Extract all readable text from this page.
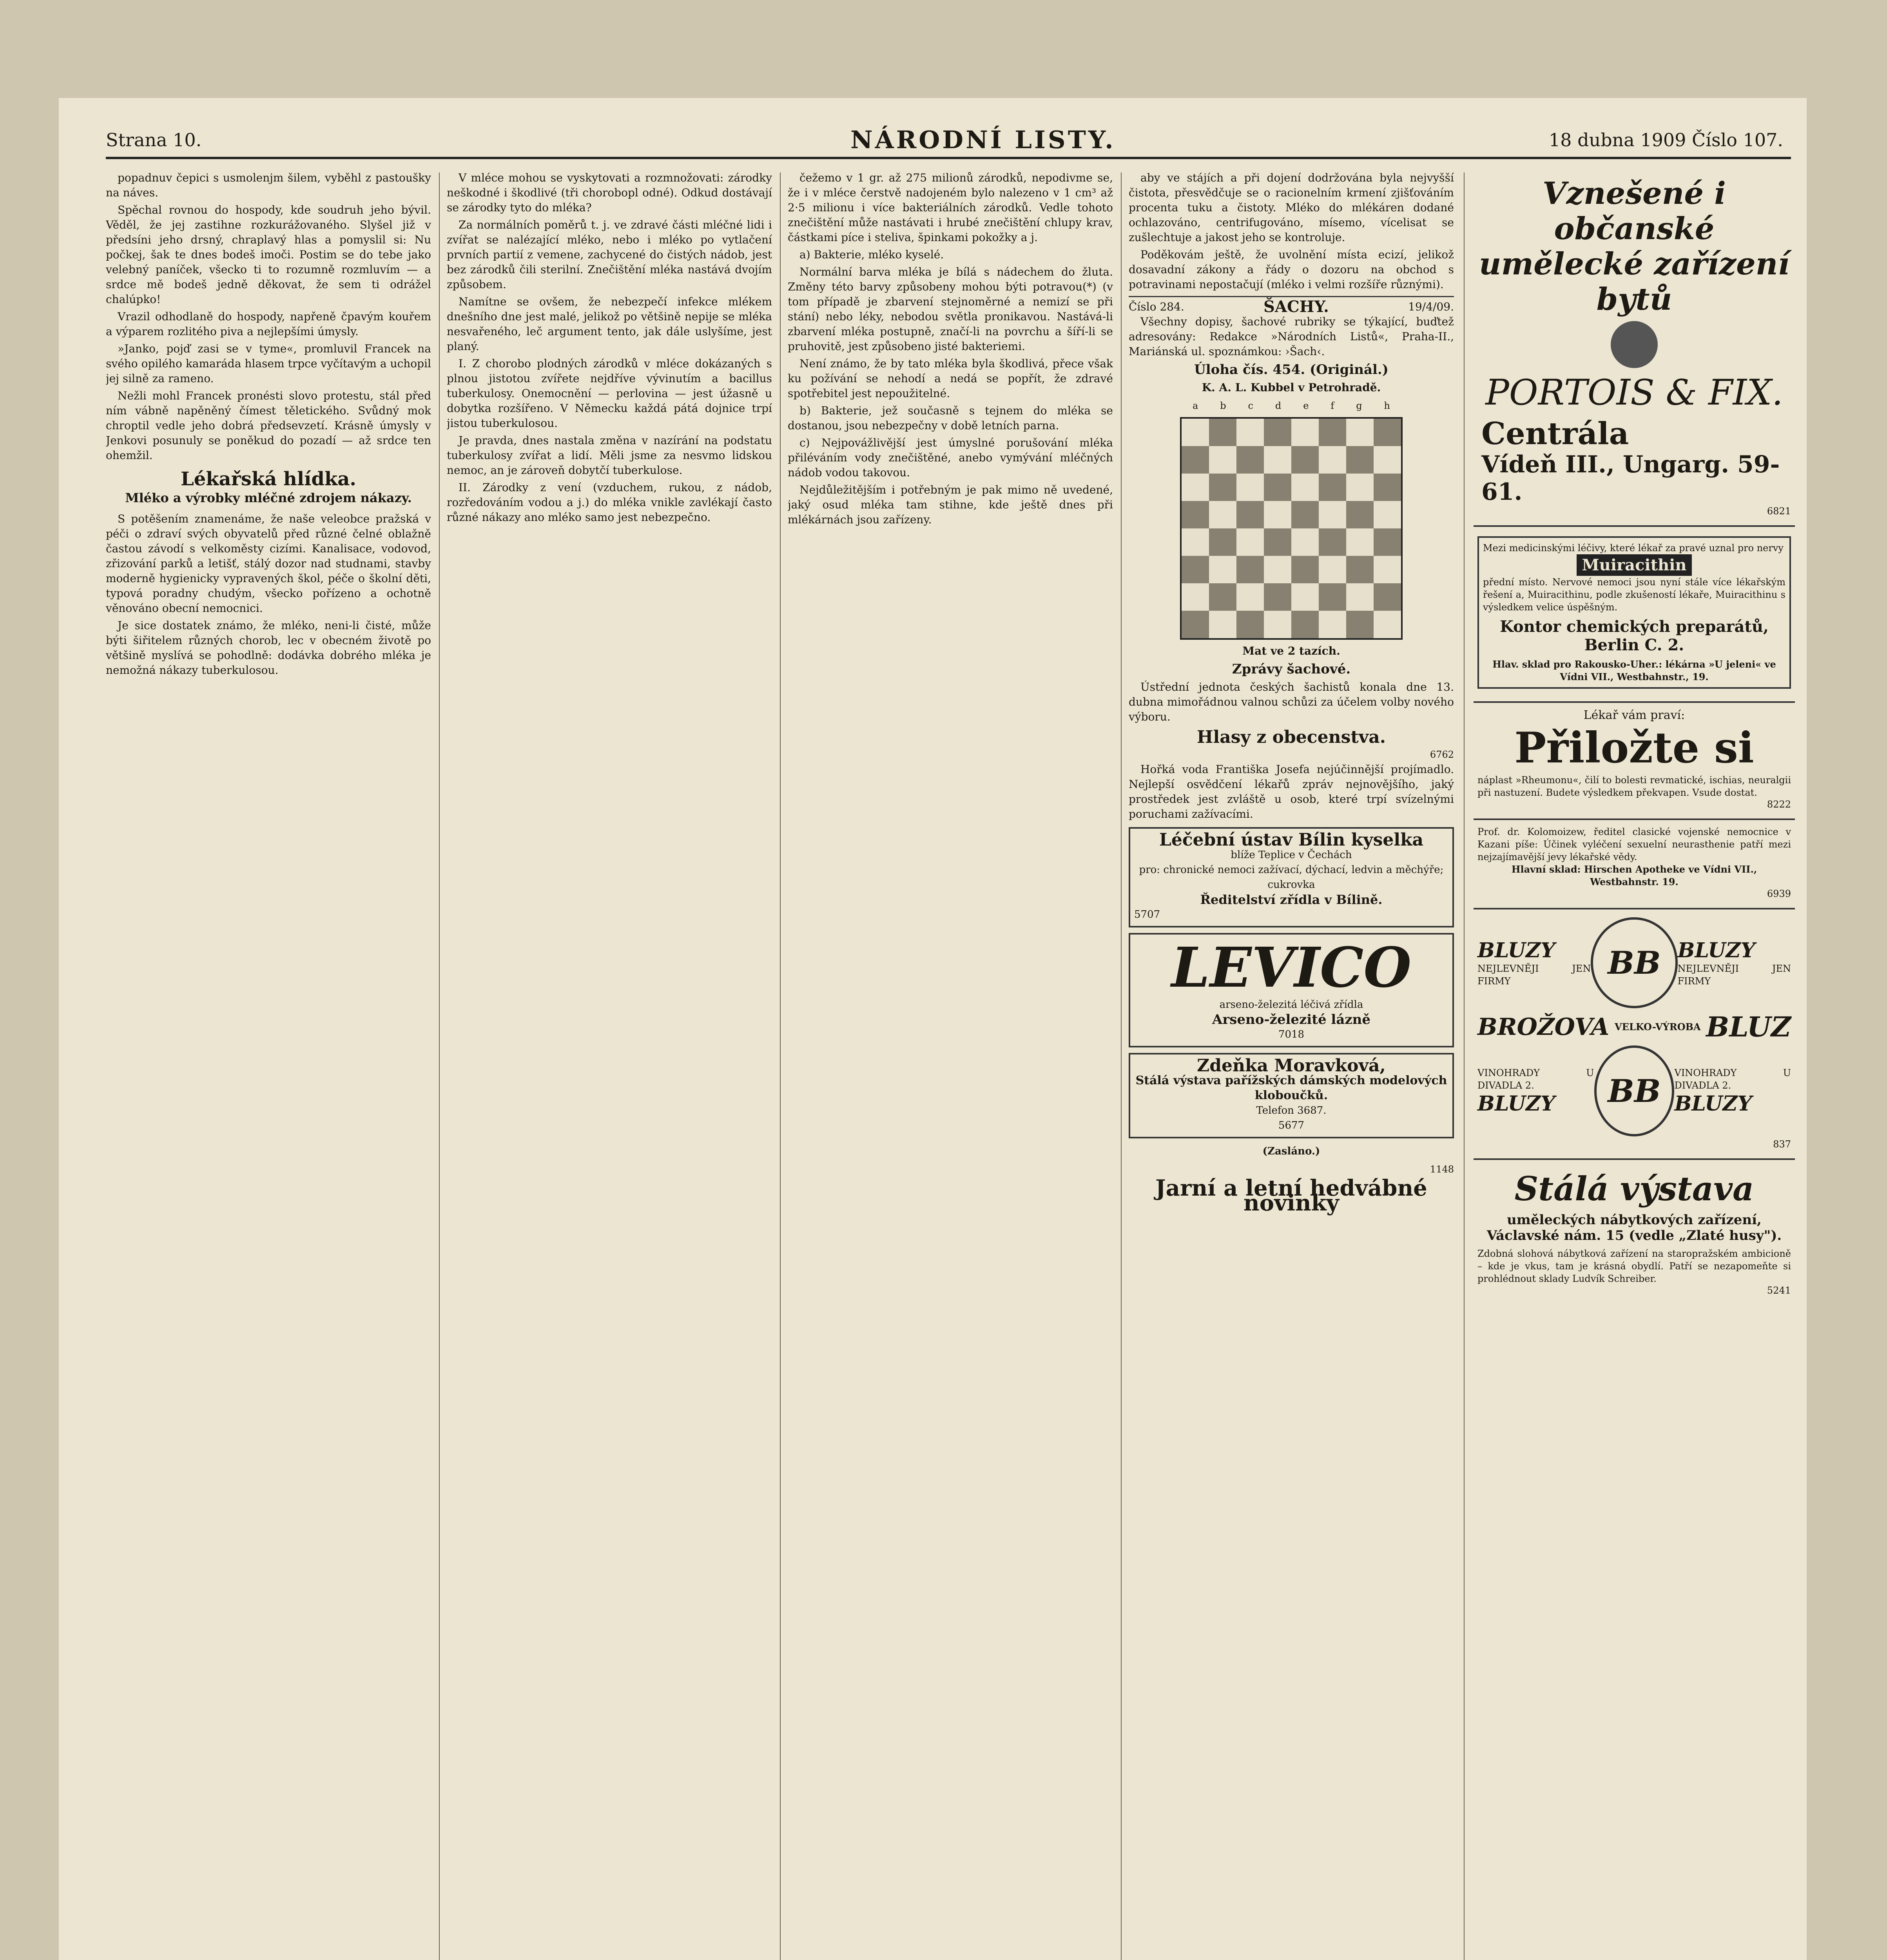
Strana 10.	NÁRODNÍ LISTY.	18 dubna 1909 Číslo 107.

popadnuv čepici s usmolenjm šilem, vyběhl z pastoušky na náves.

Spěchal rovnou do hospody, kde soudruh jeho bývil. Věděl, že jej zastihne rozkurážovaného. Slyšel již v předsíni jeho drsný, chraplavý hlas a pomyslil si: Nu počkej, šak te dnes bodeš imoči. Postim se do tebe jako velebný paníček, všecko ti to rozumně rozmluvím — a srdce mě bodeš jedně děkovat, že sem ti odrážel chalúpko!

Vrazil odhodlaně do hospody, napřeně čpavým kouřem a výparem rozlitého piva a nejlepšími úmysly.

»Janko, pojď zasi se v tyme«, promluvil Francek na svého opilého kamaráda hlasem trpce vyčítavým a uchopil jej silně za rameno.

Nežli mohl Francek pronésti slovo protestu, stál před ním vábně napěněný čímest těletického. Svůdný mok chroptil vedle jeho dobrá předsevzetí. Krásně úmysly v Jenkovi posunuly se poněkud do pozadí — až srdce ten ohemžil.

Lékařská hlídka.
Mléko a výrobky mléčné zdrojem nákazy.

S potěšením znamenáme, že naše veleobce pražská v péči o zdraví svých obyvatelů před různé čelné oblažně častou závodí s velkoměsty cizími. Kanalisace, vodovod, zřizování parků a letišť, stálý dozor nad studnami, stavby moderně hygienicky vypravených škol, péče o školní děti, typová poradny chudým, všecko pořízeno a ochotně věnováno obecní nemocnici.

Je sice dostatek známo, že mléko, neni-li čisté, může býti šiřitelem různých chorob, lec v obecném životě po většině myslívá se pohodlně: dodávka dobrého mléka je nemožná nákazy tuberkulosou.

V mléce mohou se vyskytovati a rozmnožovati: zárodky neškodné i škodlivé (tři chorobopl odné). Odkud dostávají se zárodky tyto do mléka?

Za normálních poměrů t. j. ve zdravé části mléčné lidi i zvířat se nalézající mléko, nebo i mléko po vytlačení prvních partií z vemene, zachycené do čistých nádob, jest bez zárodků čili sterilní. Znečištění mléka nastává dvojím způsobem.

Namítne se ovšem, že nebezpečí infekce mlékem dnešního dne jest malé, jelikož po většině nepije se mléka nesvařeného, leč argument tento, jak dále uslyšíme, jest planý.

I. Z chorobo plodných zárodků v mléce dokázaných s plnou jistotou zvířete nejdříve vývinutím a bacillus tuberkulosy. Onemocnění — perlovina — jest úžasně u dobytka rozšířeno. V Německu každá pátá dojnice trpí jistou tuberkulosou.

Je pravda, dnes nastala změna v nazírání na podstatu tuberkulosy zvířat a lidí. Měli jsme za nesvmo lidskou nemoc, an je zároveň dobytčí tuberkulose.

II. Zárodky z vení (vzduchem, rukou, z nádob, rozředováním vodou a j.) do mléka vnikle zavlékají často různé nákazy ano mléko samo jest nebezpečno.

čežemo v 1 gr. až 275 milionů zárodků, nepodivme se, že i v mléce čerstvě nadojeném bylo nalezeno v 1 cm³ až 2·5 milionu i více bakteriálních zárodků. Vedle tohoto znečištění může nastávati i hrubé znečištění chlupy krav, částkami píce i steliva, špinkami pokožky a j.

a) Bakterie, mléko kyselé.

Normální barva mléka je bílá s nádechem do žluta. Změny této barvy způsobeny mohou býti potravou(*) (v tom případě je zbarvení stejnoměrné a nemizí se při stání) nebo léky, nebodou světla pronikavou. Nastává-li zbarvení mléka postupně, značí-li na povrchu a šíří-li se pruhovitě, jest způsobeno jisté bakteriemi.

Není známo, že by tato mléka byla škodlivá, přece však ku požívání se nehodí a nedá se popřít, že zdravé spotřebitel jest nepoužitelné.

b) Bakterie, jež současně s tejnem do mléka se dostanou, jsou nebezpečny v době letních parna.

c) Nejpovážlivější jest úmyslné porušování mléka přiléváním vody znečištěné, anebo vymývání mléčných nádob vodou takovou.

Nejdůležitějším i potřebným je pak mimo ně uvedené, jaký osud mléka tam stihne, kde ještě dnes při mlékárnách jsou zařízeny.

aby ve stájích a při dojení dodržována byla nejvyšší čistota, přesvědčuje se o racionelním krmení zjišťováním procenta tuku a čistoty. Mléko do mlékáren dodané ochlazováno, centrifugováno, mísemo, vícelisat se zušlechtuje a jakost jeho se kontroluje.

Poděkovám ještě, že uvolnění místa ecizí, jelikož dosavadní zákony a řády o dozoru na obchod s potravinami nepostačují (mléko i velmi rozšíře různými).

Číslo 284.	ŠACHY.	19/4/09.

Všechny dopisy, šachové rubriky se týkající, buďtež adresovány: Redakce »Národních Listů«, Praha-II., Mariánská ul. spoznámkou: ›Šach‹.

Úloha čís. 454. (Originál.)
K. A. L. Kubbel v Petrohradě.
a b c d e f g h
Mat ve 2 tazích.
Zprávy šachové.

Ústřední jednota českých šachistů konala dne 13. dubna mimořádnou valnou schůzi za účelem volby nového výboru.

Hlasy z obecenstva.
6762

Hořká voda Františka Josefa nejúčinnější projímadlo. Nejlepší osvědčení lékařů zpráv nejnovějšího, jaký prostředek jest zvláště u osob, které trpí svízelnými poruchami zažívacími.

Léčební ústav Bílin kyselka
blíže Teplice v Čechách
pro: chronické nemoci zažívací, dýchací, ledvin a měchýře; cukrovka
Ředitelství zřídla v Bílině.
5707
LEVICO
arseno-železitá léčivá zřídla
Arseno-železité lázně
7018
Zdeňka Moravková,
Stálá výstava pařížských dámských modelových kloboučků.
Telefon 3687.
5677
(Zasláno.)
1148
Jarní a letní hedvábné novinky
Vznešené i občanské umělecké zařízení bytů
PORTOIS & FIX.
Centrála
Vídeň III., Ungarg. 59-61.
6821
Mezi medicinskými léčivy, které lékař za pravé uznal pro nervy
Muiracithin
přední místo. Nervové nemoci jsou nyní stále více lékařským řešení a, Muiracithinu, podle zkušeností lékaře, Muiracithinu s výsledkem velice úspěšným.
Kontor chemických preparátů, Berlin C. 2.
Hlav. sklad pro Rakousko-Uher.: lékárna »U jeleni« ve Vídni VII., Westbahnstr., 19.
Lékař vám praví:
Přiložte si
náplast »Rheumonu«, čilí to bolesti revmatické, ischias, neuralgii při nastuzení. Budete výsledkem překvapen. Vsude dostat.
8222
Prof. dr. Kolomoizew, ředitel clasické vojenské nemocnice v Kazani píše: Účinek vyléčení sexuelní neurasthenie patří mezi nejzajímavější jevy lékařské vědy.
Hlavní sklad: Hirschen Apotheke ve Vídni VII., Westbahnstr. 19.
6939
BLUZY
NEJLEVNĚJI JEN FIRMY	BB BLUZY
NEJLEVNĚJI JEN FIRMY
BROŽOVA VELKO-VÝROBA BLUZ
VINOHRADY U DIVADLA 2.
BLUZY	BB	VINOHRADY U DIVADLA 2.
BLUZY
837
Stálá výstava
uměleckých nábytkových zařízení, Václavské nám. 15 (vedle „Zlaté husy").
Zdobná slohová nábytková zařízení na staropražském ambicioně – kde je vkus, tam je krásná obydlí. Patří se nezapomeňte si prohlédnout sklady Ludvík Schreiber.
5241
